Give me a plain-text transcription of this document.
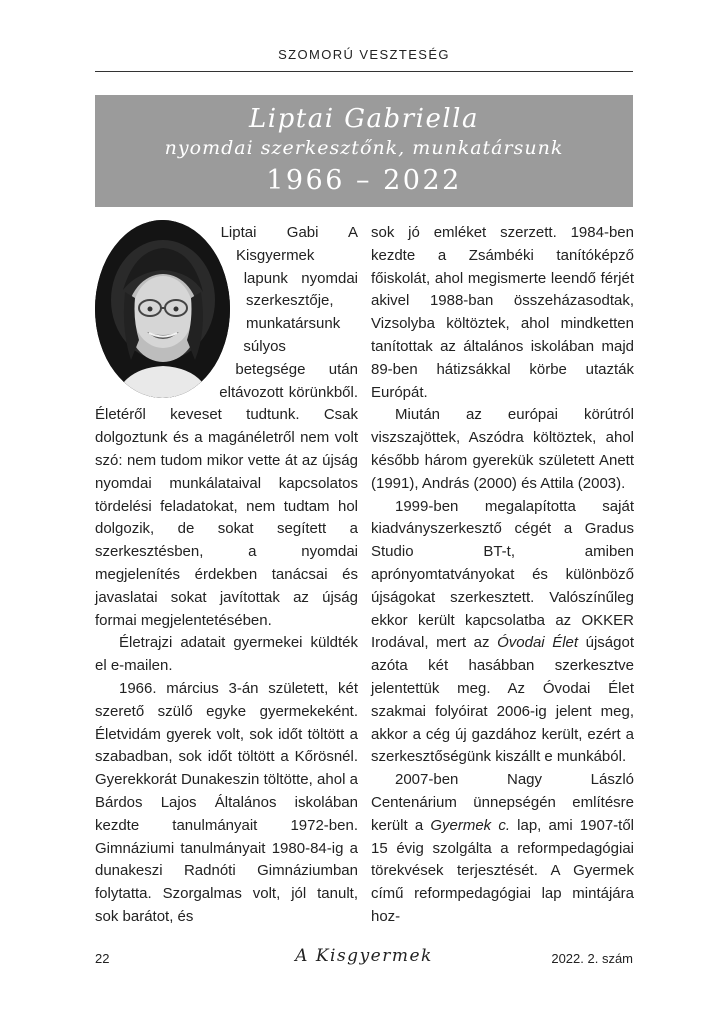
SZOMORÚ VESZTESÉG
Liptai Gabriella
nyomdai szerkesztőnk, munkatársunk
1966 – 2022

Liptai Gabi A Kisgyermek lapunk nyomdai szerkesztője, munkatársunk súlyos betegsége után eltávozott körünkből. Életéről keveset tudtunk. Csak dolgoztunk és a magánéletről nem volt szó: nem tudom mikor vette át az újság nyomdai munkálataival kapcsolatos tördelési feladatokat, nem tudtam hol dolgozik, de sokat segített a szerkesztésben, a nyomdai megjelenítés érdekben tanácsai és javaslatai sokat javítottak az újság formai megjelentetésében.

Életrajzi adatait gyermekei küldték el e-mailen.

1966. március 3-án született, két szerető szülő egyke gyermekeként. Életvidám gyerek volt, sok időt töltött a szabadban, sok időt töltött a Kőrösnél. Gyerekkorát Dunakeszin töltötte, ahol a Bárdos Lajos Általános iskolában kezdte tanulmányait 1972-ben. Gimnáziumi tanulmányait 1980-84-ig a dunakeszi Radnóti Gimnáziumban folytatta. Szorgalmas volt, jól tanult, sok barátot, és

sok jó emléket szerzett. 1984-ben kezdte a Zsámbéki tanítóképző főiskolát, ahol megismerte leendő férjét akivel 1988-ban összeházasodtak, Vizsolyba költöztek, ahol mindketten tanítottak az általános iskolában majd 89-ben hátizsákkal körbe utazták Európát.

Miután az európai körútról viszszajöttek, Aszódra költöztek, ahol később három gyerekük született Anett (1991), András (2000) és Attila (2003).

1999-ben megalapította saját kiadványszerkesztő cégét a Gradus Studio BT-t, amiben aprónyomtatványokat és különböző újságokat szerkesztett. Valószínűleg ekkor került kapcsolatba az OKKER Irodával, mert az Óvodai Élet újságot azóta két hasábban szerkesztve jelentettük meg. Az Óvodai Élet szakmai folyóirat 2006-ig jelent meg, akkor a cég új gazdához került, ezért a szerkesztőségünk kiszállt e munkából.

2007-ben Nagy László Centenárium ünnepségén említésre került a Gyermek c. lap, ami 1907-től 15 évig szolgálta a reformpedagógiai törekvések terjesztését. A Gyermek című reformpedagógiai lap mintájára hoz-

22	A Kisgyermek	2022. 2. szám
